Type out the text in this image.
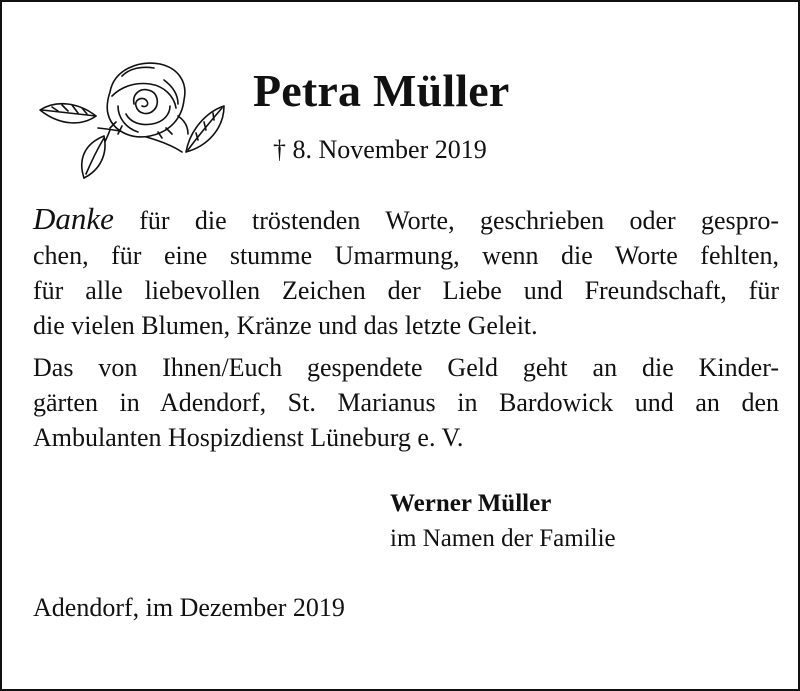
Petra Müller
† 8. November 2019

Danke für die tröstenden Worte, geschrieben oder gespro-
chen, für eine stumme Umarmung, wenn die Worte fehlten,
für alle liebevollen Zeichen der Liebe und Freundschaft, für
die vielen Blumen, Kränze und das letzte Geleit.

Das von Ihnen/Euch gespendete Geld geht an die Kinder-
gärten in Adendorf, St. Marianus in Bardowick und an den
Ambulanten Hospizdienst Lüneburg e. V.

Werner Müller
im Namen der Familie
Adendorf, im Dezember 2019
